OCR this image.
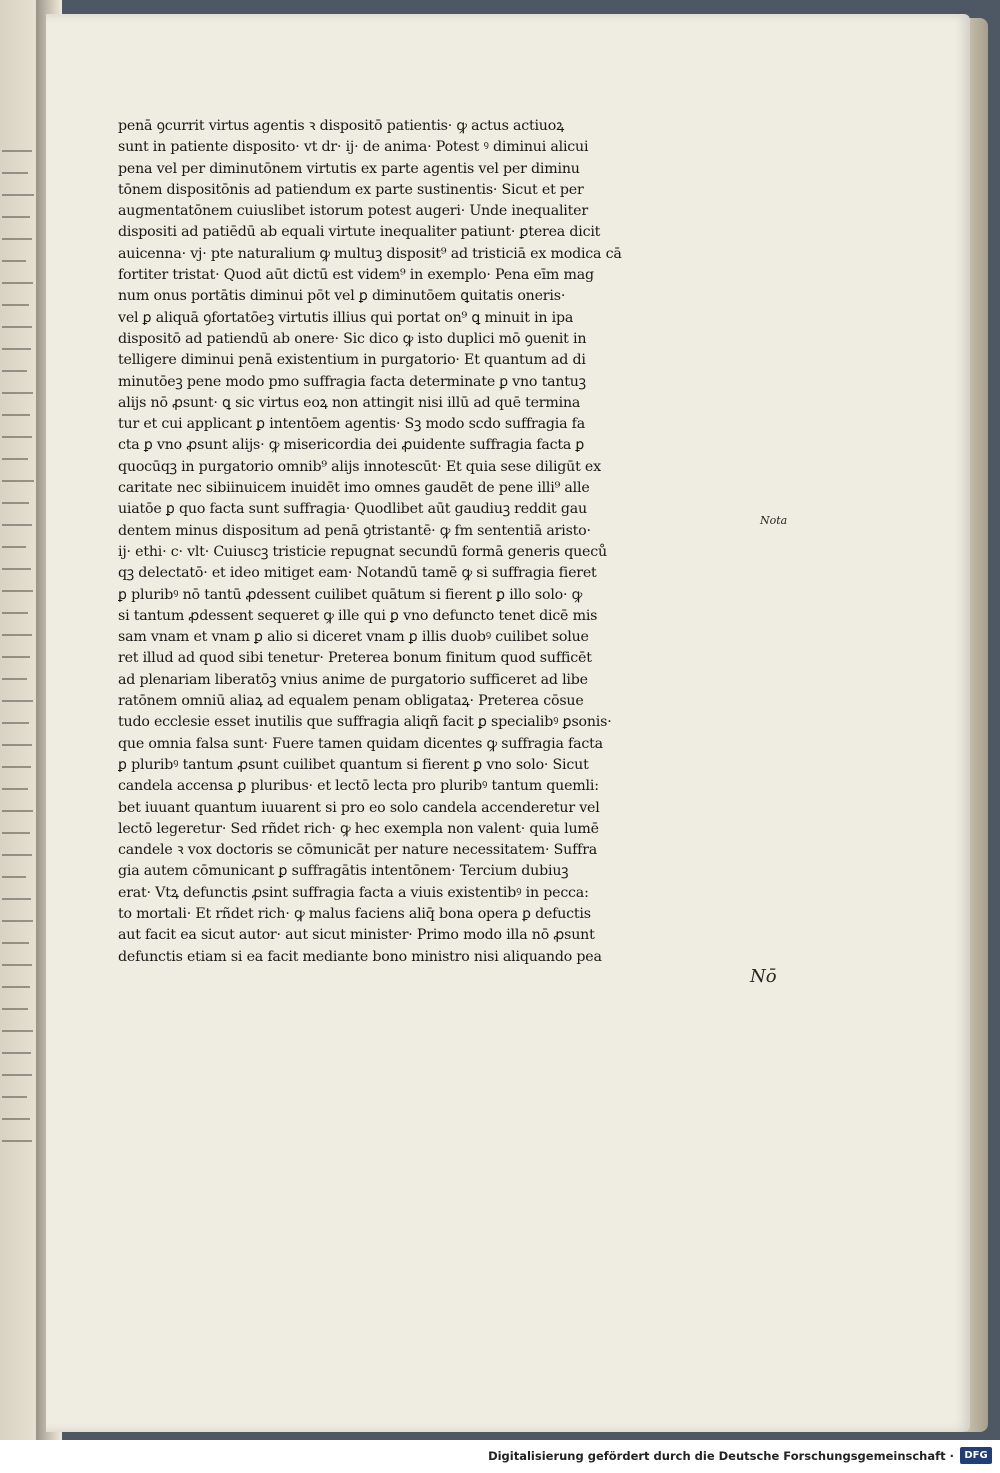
penā ꝯcurrit virtus agentis ꝛ dispositō patientis· ꝙ actus actiuoꝝ
sunt in patiente disposito· vt dr· ij· de anima· Potest ꝰ diminui alicui
pena vel per diminutōnem virtutis ex parte agentis vel per diminu
tōnem dispositōnis ad patiendum ex parte sustinentis· Sicut et per
augmentatōnem cuiuslibet istorum potest augeri· Unde inequaliter
dispositi ad patiēdū ab equali virtute inequaliter patiunt· ꝑterea dicit
auicenna· vj· pte naturalium ꝙ multuꝫ disposit⁹ ad tristiciā ex modica cā
fortiter tristat· Quod aūt dictū est videm⁹ in exemplo· Pena eīm mag
num onus portātis diminui pōt vel ꝑ diminutōem ꝗuitatis oneris·
vel ꝑ aliquā ꝯfortatōeꝫ virtutis illius qui portat on⁹ ꝗ minuit in ipa
dispositō ad patiendū ab onere· Sic dico ꝙ isto duplici mō ꝯuenit in
telligere diminui penā existentium in purgatorio· Et quantum ad di
minutōeꝫ pene modo pmo suffragia facta determinate ꝑ vno tantuꝫ
alijs nō ꝓsunt· ꝗ sic virtus eoꝝ non attingit nisi illū ad quē termina
tur et cui applicant ꝑ intentōem agentis· Sꝫ modo scdo suffragia fa
cta ꝑ vno ꝓsunt alijs· ꝙ misericordia dei ꝓuidente suffragia facta ꝑ
quocūqꝫ in purgatorio omnib⁹ alijs innotescūt· Et quia sese diligūt ex
caritate nec sibiinuicem inuidēt imo omnes gaudēt de pene illi⁹ alle
uiatōe ꝑ quo facta sunt suffragia· Quodlibet aūt gaudiuꝫ reddit gau
dentem minus dispositum ad penā ꝯtristantē· ꝙ fm sententiā aristo·
ij· ethi· c· vlt· Cuiuscꝫ tristicie repugnat secundū formā generis queců
qꝫ delectatō· et ideo mitiget eam· Notandū tamē ꝙ si suffragia fieret
ꝑ pluribꝰ nō tantū ꝓdessent cuilibet quātum si fierent ꝑ illo solo· ꝙ
si tantum ꝓdessent sequeret ꝙ ille qui ꝑ vno defuncto tenet dicē mis
sam vnam et vnam ꝑ alio si diceret vnam ꝑ illis duobꝰ cuilibet solue
ret illud ad quod sibi tenetur· Preterea bonum finitum quod sufficēt
ad plenariam liberatōꝫ vnius anime de purgatorio sufficeret ad libe
ratōnem omniū aliaꝝ ad equalem penam obligataꝝ· Preterea cōsue
tudo ecclesie esset inutilis que suffragia aliqñ facit ꝑ specialibꝰ ꝑsonis·
que omnia falsa sunt· Fuere tamen quidam dicentes ꝙ suffragia facta
ꝑ pluribꝰ tantum ꝓsunt cuilibet quantum si fierent ꝑ vno solo· Sicut
candela accensa ꝑ pluribus· et lectō lecta pro pluribꝰ tantum quemli:
bet iuuant quantum iuuarent si pro eo solo candela accenderetur vel
lectō legeretur· Sed rñdet rich· ꝙ hec exempla non valent· quia lumē
candele ꝛ vox doctoris se cōmunicāt per nature necessitatem· Suffra
gia autem cōmunicant ꝑ suffragātis intentōnem· Tercium dubiuꝫ
erat· Vtꝝ defunctis ꝓsint suffragia facta a viuis existentibꝰ in pecca:
to mortali· Et rñdet rich· ꝙ malus faciens aliq̄ bona opera ꝑ defuctis
aut facit ea sicut autor· aut sicut minister· Primo modo illa nō ꝓsunt
defunctis etiam si ea facit mediante bono ministro nisi aliquando pea
Nota
Nō
Digitalisierung gefördert durch die Deutsche Forschungsgemeinschaft ·	DFG
